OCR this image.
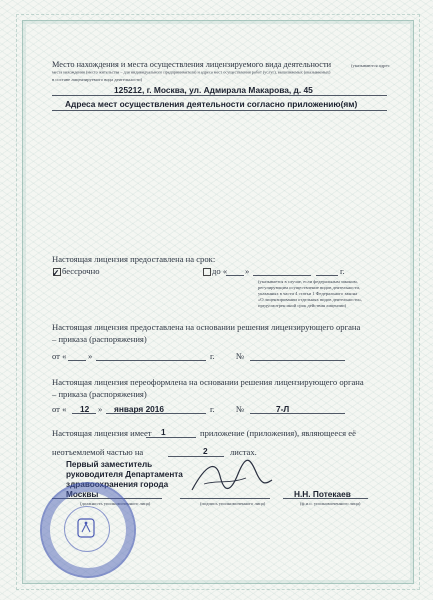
Место нахождения и места осуществления лицензируемого вида деятельности	(указываются адрес
места нахождения (место жительства – для индивидуального предпринимателя) и адреса мест осуществления работ (услуг), выполняемых (оказываемых)
в составе лицензируемого вида деятельности)
125212, г. Москва, ул. Адмирала Макарова, д. 45
Адреса мест осуществления деятельности согласно приложению(ям)
Настоящая лицензия предоставлена на срок:
✓ бессрочно	до « »	г.
(указывается в случае, если федеральным законом,
регулирующим осуществление видов деятельности,
указанных в части 4 статьи 1 Федерального закона
«О лицензировании отдельных видов деятельности»,
предусмотрен иной срок действия лицензии)
Настоящая лицензия предоставлена на основании решения лицензирующего органа
– приказа (распоряжения)
от «	»	г. №
Настоящая лицензия переоформлена на основании решения лицензирующего органа
– приказа (распоряжения)
от « 12 » января 2016	г. №	7-Л
Настоящая лицензия имеет 1	приложение (приложения), являющееся её
неотъемлемой частью на	2	листах.
Первый заместитель
руководителя Департамента
здравоохранения города
Москвы
(должность уполномоченного лица)	(подпись уполномоченного лица)
Н.Н. Потекаев
(ф.и.о. уполномоченного лица)
